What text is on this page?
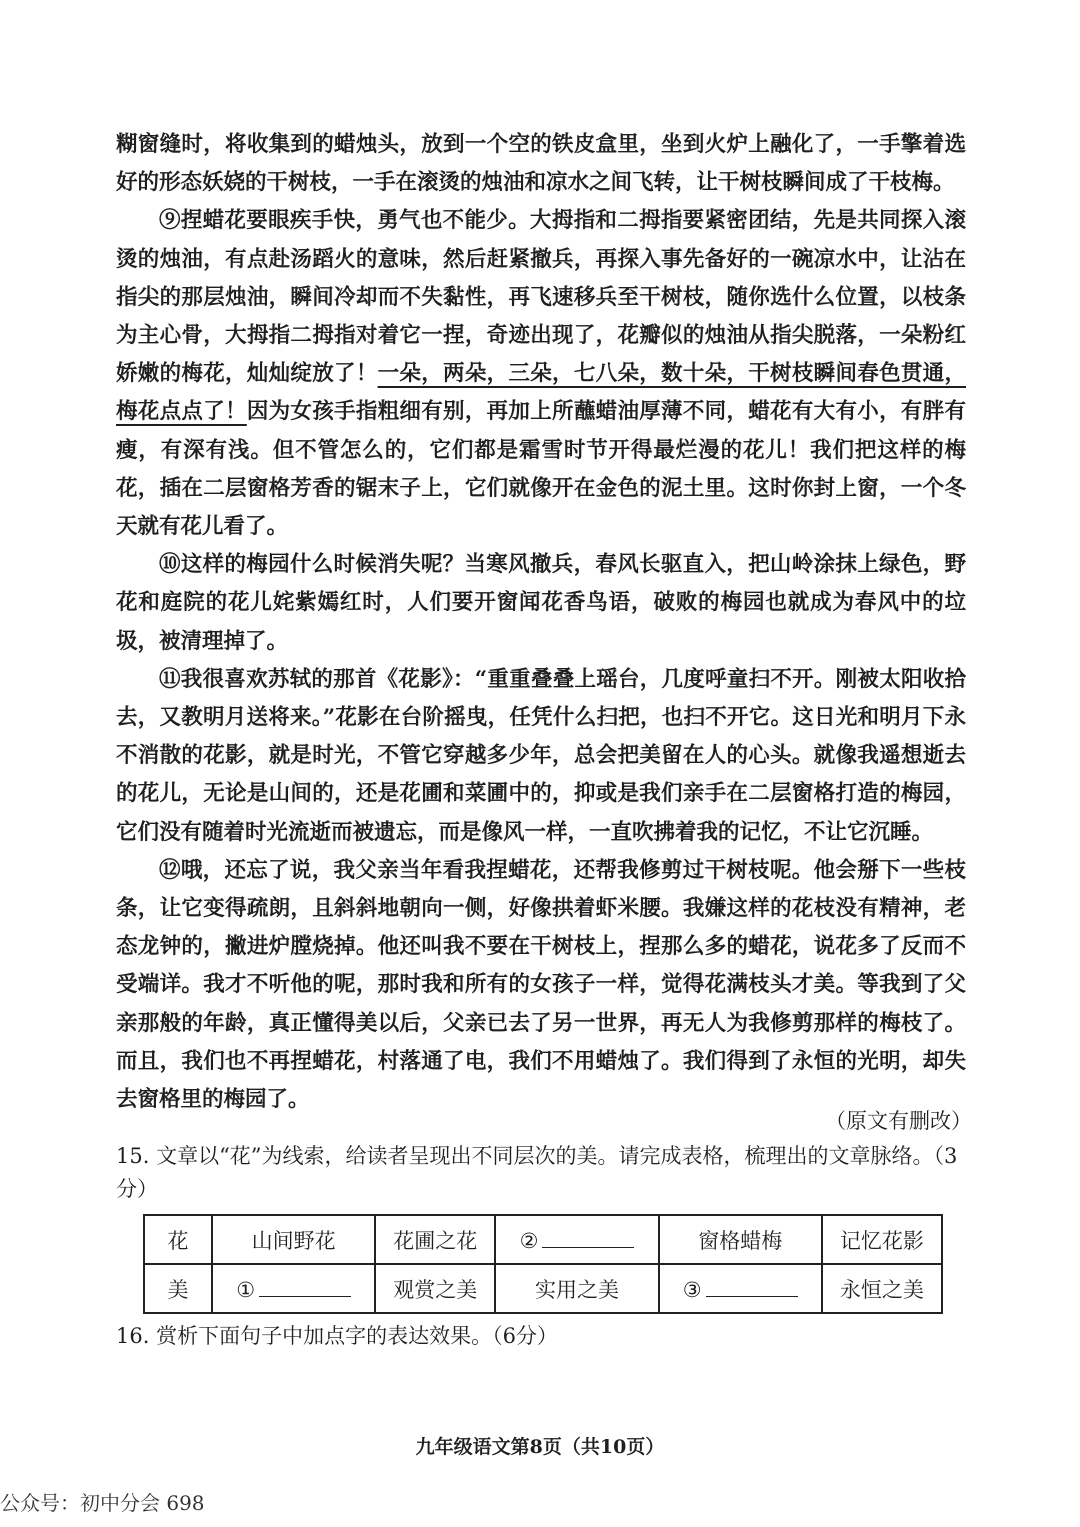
糊窗缝时，将收集到的蜡烛头，放到一个空的铁皮盒里，坐到火炉上融化了，一手擎着选好的形态妖娆的干树枝，一手在滚烫的烛油和凉水之间飞转，让干树枝瞬间成了干枝梅。

⑨捏蜡花要眼疾手快，勇气也不能少。大拇指和二拇指要紧密团结，先是共同探入滚烫的烛油，有点赴汤蹈火的意味，然后赶紧撤兵，再探入事先备好的一碗凉水中，让沾在指尖的那层烛油，瞬间冷却而不失黏性，再飞速移兵至干树枝，随你选什么位置，以枝条为主心骨，大拇指二拇指对着它一捏，奇迹出现了，花瓣似的烛油从指尖脱落，一朵粉红娇嫩的梅花，灿灿绽放了！一朵，两朵，三朵，七八朵，数十朵，干树枝瞬间春色贯通，梅花点点了！因为女孩手指粗细有别，再加上所蘸蜡油厚薄不同，蜡花有大有小，有胖有瘦，有深有浅。但不管怎么的，它们都是霜雪时节开得最烂漫的花儿！我们把这样的梅花，插在二层窗格芳香的锯末子上，它们就像开在金色的泥土里。这时你封上窗，一个冬天就有花儿看了。

⑩这样的梅园什么时候消失呢？当寒风撤兵，春风长驱直入，把山岭涂抹上绿色，野花和庭院的花儿姹紫嫣红时，人们要开窗闻花香鸟语，破败的梅园也就成为春风中的垃圾，被清理掉了。

⑪我很喜欢苏轼的那首《花影》：“重重叠叠上瑶台，几度呼童扫不开。刚被太阳收拾去，又教明月送将来。”花影在台阶摇曳，任凭什么扫把，也扫不开它。这日光和明月下永不消散的花影，就是时光，不管它穿越多少年，总会把美留在人的心头。就像我遥想逝去的花儿，无论是山间的，还是花圃和菜圃中的，抑或是我们亲手在二层窗格打造的梅园，它们没有随着时光流逝而被遗忘，而是像风一样，一直吹拂着我的记忆，不让它沉睡。

⑫哦，还忘了说，我父亲当年看我捏蜡花，还帮我修剪过干树枝呢。他会掰下一些枝条，让它变得疏朗，且斜斜地朝向一侧，好像拱着虾米腰。我嫌这样的花枝没有精神，老态龙钟的，撇进炉膛烧掉。他还叫我不要在干树枝上，捏那么多的蜡花，说花多了反而不受端详。我才不听他的呢，那时我和所有的女孩子一样，觉得花满枝头才美。等我到了父亲那般的年龄，真正懂得美以后，父亲已去了另一世界，再无人为我修剪那样的梅枝了。而且，我们也不再捏蜡花，村落通了电，我们不用蜡烛了。我们得到了永恒的光明，却失去窗格里的梅园了。

（原文有删改）
15. 文章以“花”为线索，给读者呈现出不同层次的美。请完成表格，梳理出的文章脉络。（3分）
花	山间野花	花圃之花	②	窗格蜡梅	记忆花影
美	①	观赏之美	实用之美	③	永恒之美
16. 赏析下面句子中加点字的表达效果。（6分）
九年级语文第8页（共10页）
公众号：初中分会 698
